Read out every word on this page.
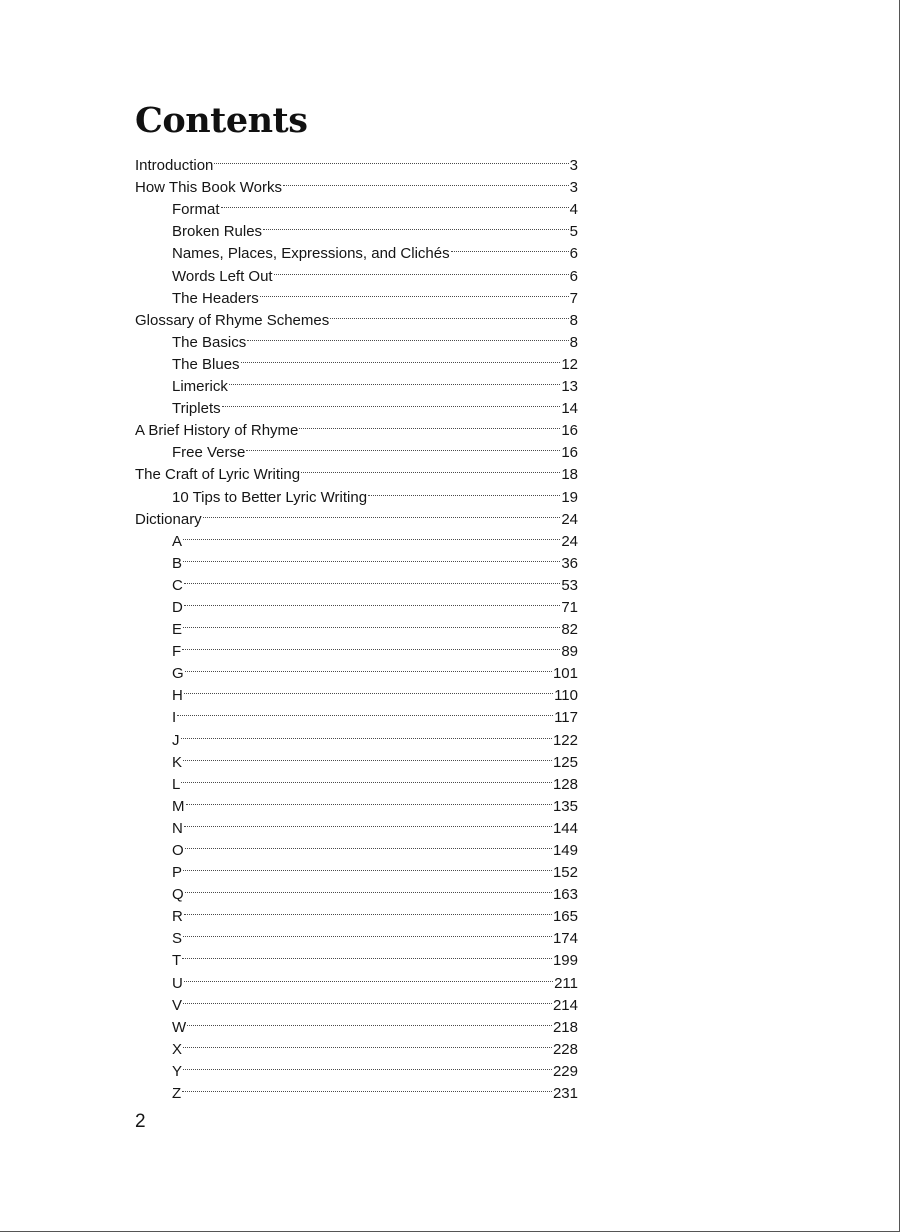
Contents
Introduction	3
How This Book Works	3
Format	4
Broken Rules	5
Names, Places, Expressions, and Clichés	6
Words Left Out	6
The Headers	7
Glossary of Rhyme Schemes	8
The Basics	8
The Blues	12
Limerick	13
Triplets	14
A Brief History of Rhyme	16
Free Verse	16
The Craft of Lyric Writing	18
10 Tips to Better Lyric Writing	19
Dictionary	24
A	24
B	36
C	53
D	71
E	82
F	89
G	101
H	110
I	117
J	122
K	125
L	128
M	135
N	144
O	149
P	152
Q	163
R	165
S	174
T	199
U	211
V	214
W	218
X	228
Y	229
Z	231

2
